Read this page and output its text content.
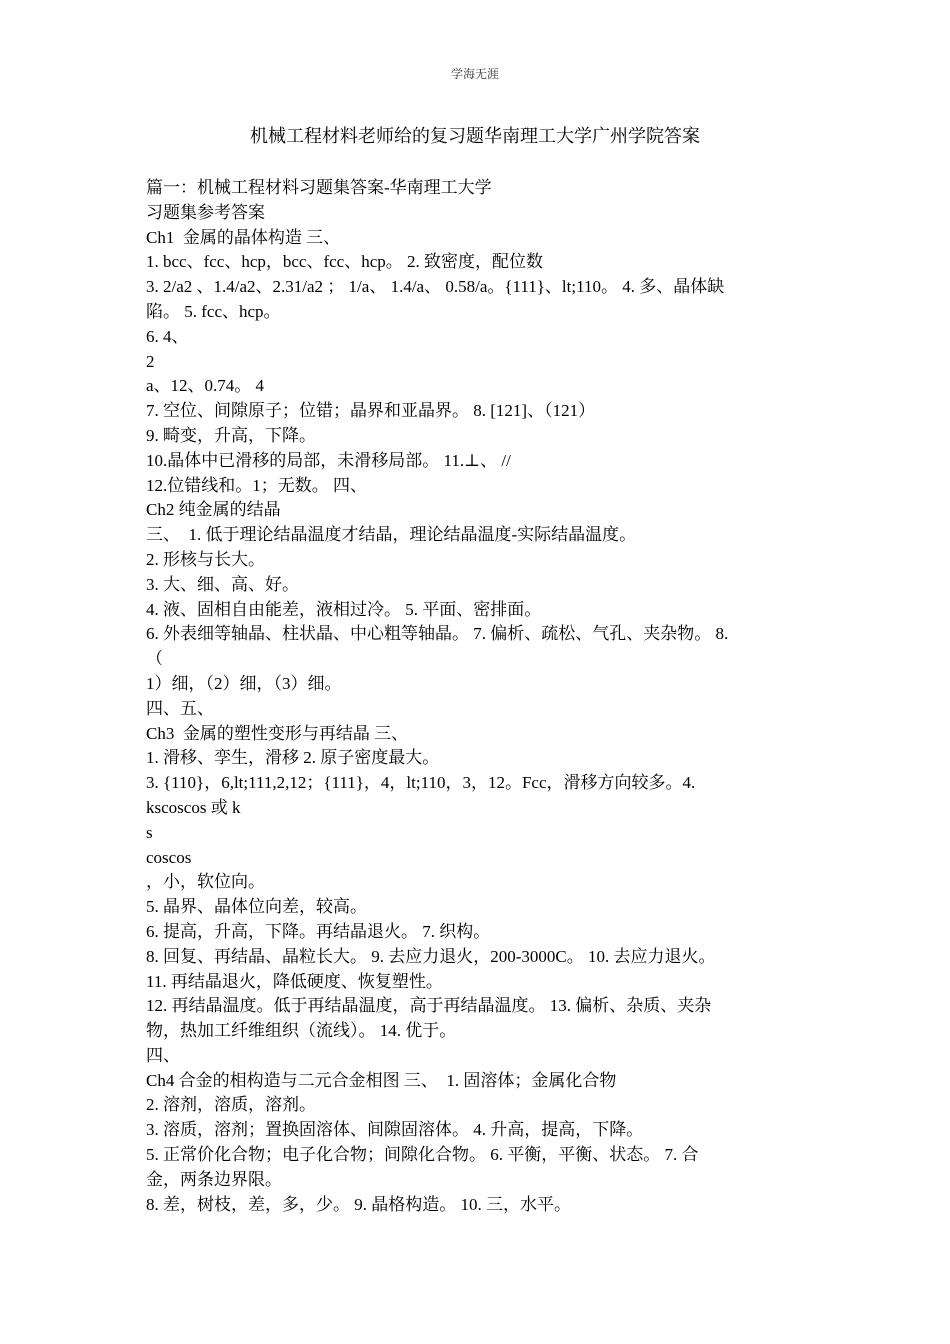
学海无涯
机械工程材料老师给的复习题华南理工大学广州学院答案

篇一：机械工程材料习题集答案-华南理工大学

习题集参考答案

Ch1  金属的晶体构造 三、

1. bcc、fcc、hcp，bcc、fcc、hcp。 2. 致密度，配位数

3. 2/a2 、1.4/a2、2.31/a2 ； 1/a、 1.4/a、 0.58/a。{111}、lt;110。 4. 多、晶体缺

陷。 5. fcc、hcp。

6. 4、

2

a、12、0.74。 4

7. 空位、间隙原子；位错；晶界和亚晶界。 8. [121]、（121）

9. 畸变，升高，下降。

10.晶体中已滑移的局部，未滑移局部。 11.⊥、 //

12.位错线和。1；无数。 四、

Ch2 纯金属的结晶

三、  1. 低于理论结晶温度才结晶，理论结晶温度-实际结晶温度。

2. 形核与长大。

3. 大、细、高、好。

4. 液、固相自由能差，液相过冷。 5. 平面、密排面。

6. 外表细等轴晶、柱状晶、中心粗等轴晶。 7. 偏析、疏松、气孔、夹杂物。 8.

（

1）细，（2）细，（3）细。

四、五、

Ch3  金属的塑性变形与再结晶 三、

1. 滑移、孪生，滑移 2. 原子密度最大。

3. {110}，6,lt;111,2,12；{111}，4，lt;110，3，12。Fcc，滑移方向较多。4.

kscoscos 或 k

s

coscos

，小，软位向。

5. 晶界、晶体位向差，较高。

6. 提高，升高，下降。再结晶退火。 7. 织构。

8. 回复、再结晶、晶粒长大。 9. 去应力退火，200-3000C。 10. 去应力退火。

11. 再结晶退火，降低硬度、恢复塑性。

12. 再结晶温度。低于再结晶温度，高于再结晶温度。 13. 偏析、杂质、夹杂

物，热加工纤维组织（流线）。 14. 优于。

四、

Ch4 合金的相构造与二元合金相图 三、  1. 固溶体；金属化合物

2. 溶剂，溶质，溶剂。

3. 溶质，溶剂；置换固溶体、间隙固溶体。 4. 升高，提高，下降。

5. 正常价化合物；电子化合物；间隙化合物。 6. 平衡，平衡、状态。 7. 合

金，两条边界限。

8. 差，树枝，差，多，少。 9. 晶格构造。 10. 三，水平。
